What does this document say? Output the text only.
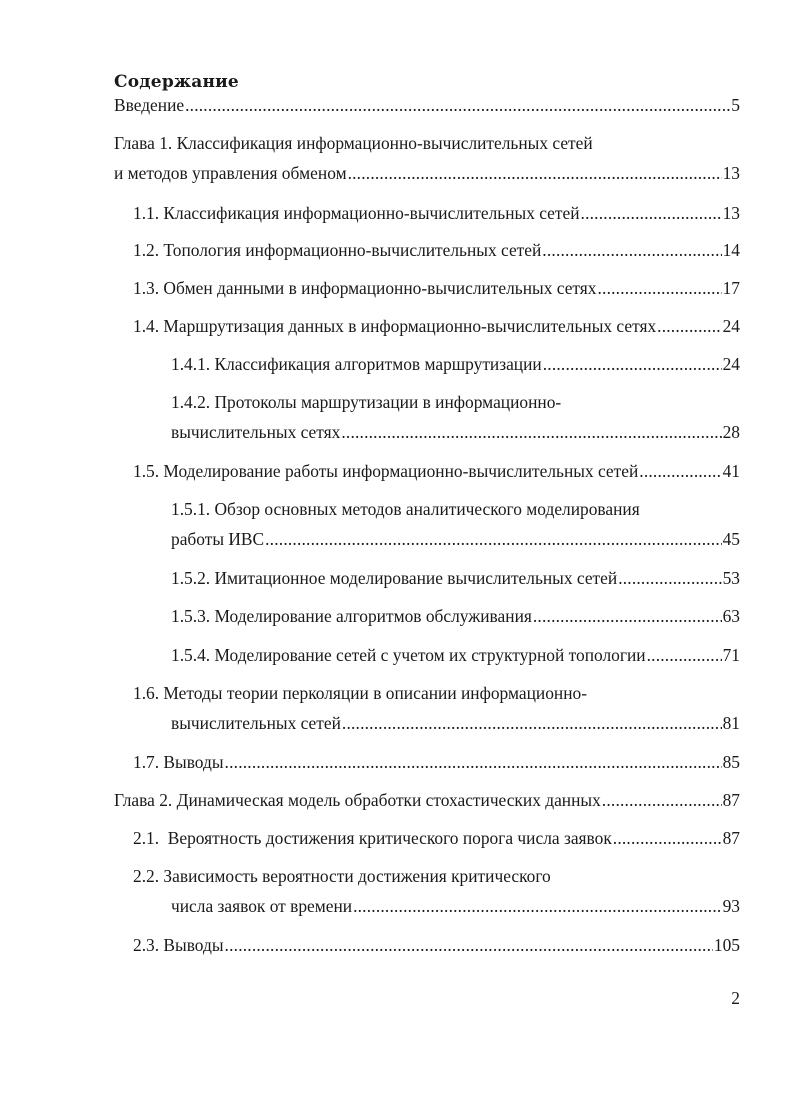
Содержание
Введение .....	5
Глава 1. Классификация информационно-вычислительных сетей
и методов управления обменом .....	13
1.1. Классификация информационно-вычислительных сетей .....	13
1.2. Топология информационно-вычислительных сетей .....	14
1.3. Обмен данными в информационно-вычислительных сетях .....	17
1.4. Маршрутизация данных в информационно-вычислительных сетях .....	24
1.4.1. Классификация алгоритмов маршрутизации .....	24
1.4.2. Протоколы маршрутизации в информационно-
вычислительных сетях .....	28
1.5. Моделирование работы информационно-вычислительных сетей .....	41
1.5.1. Обзор основных методов аналитического моделирования
работы ИВС .....	45
1.5.2. Имитационное моделирование вычислительных сетей .....	53
1.5.3. Моделирование алгоритмов обслуживания .....	63
1.5.4. Моделирование сетей с учетом их структурной топологии .....	71
1.6. Методы теории перколяции в описании информационно-
вычислительных сетей .....	81
1.7. Выводы .....	85
Глава 2. Динамическая модель обработки стохастических данных .....	87
2.1.  Вероятность достижения критического порога числа заявок .....	87
2.2. Зависимость вероятности достижения критического
числа заявок от времени .....	93
2.3. Выводы .....	105
2
